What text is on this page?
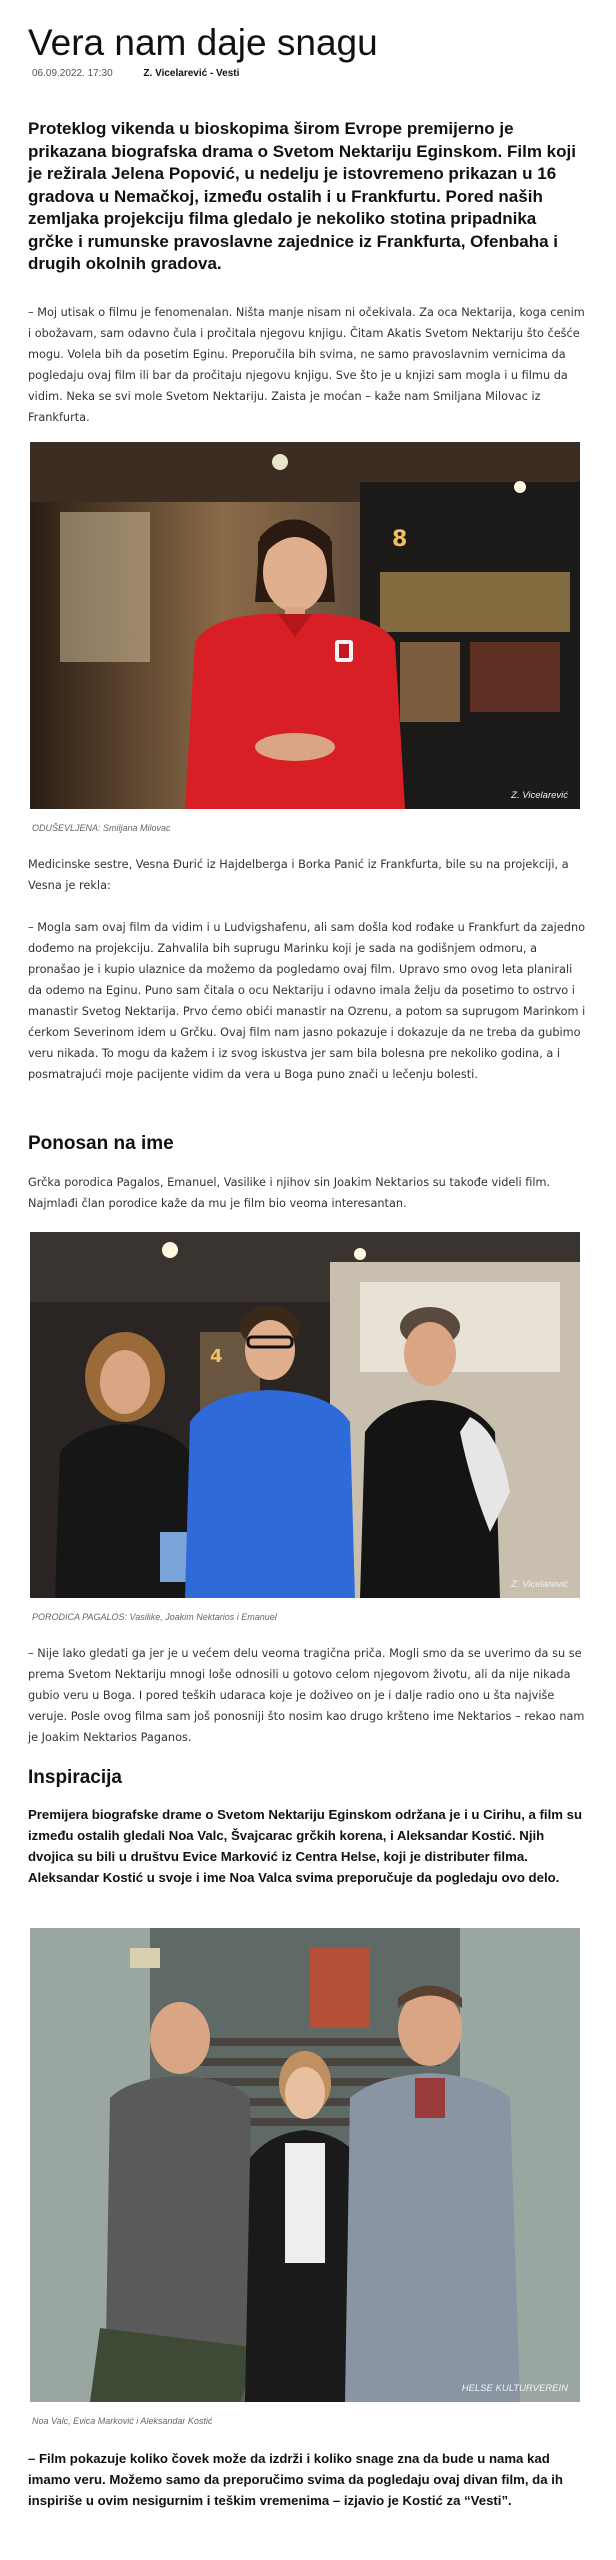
Vera nam daje snagu
06.09.2022. 17:30	Z. Vicelarević - Vesti

Proteklog vikenda u bioskopima širom Evrope premijerno je prikazana biografska drama o Svetom Nektariju Eginskom. Film koji je režirala Jelena Popović, u nedelju je istovremeno prikazan u 16 gradova u Nemačkoj, između ostalih i u Frankfurtu. Pored naših zemljaka projekciju filma gledalo je nekoliko stotina pripadnika grčke i rumunske pravoslavne zajednice iz Frankfurta, Ofenbaha i drugih okolnih gradova.

– Moj utisak o filmu je fenomenalan. Ništa manje nisam ni očekivala. Za oca Nektarija, koga cenim i obožavam, sam odavno čula i pročitala njegovu knjigu. Čitam Akatis Svetom Nektariju što češće mogu. Volela bih da posetim Eginu. Preporučila bih svima, ne samo pravoslavnim vernicima da pogledaju ovaj film ili bar da pročitaju njegovu knjigu. Sve što je u knjizi sam mogla i u filmu da vidim. Neka se svi mole Svetom Nektariju. Zaista je moćan – kaže nam Smiljana Milovac iz Frankfurta.

8
Z. Vicelarević
ODUŠEVLJENA: Smiljana Milovac

Medicinske sestre, Vesna Đurić iz Hajdelberga i Borka Panić iz Frankfurta, bile su na projekciji, a Vesna je rekla:

– Mogla sam ovaj film da vidim i u Ludvigshafenu, ali sam došla kod rođake u Frankfurt da zajedno dođemo na projekciju. Zahvalila bih suprugu Marinku koji je sada na godišnjem odmoru, a pronašao je i kupio ulaznice da možemo da pogledamo ovaj film. Upravo smo ovog leta planirali da odemo na Eginu. Puno sam čitala o ocu Nektariju i odavno imala želju da posetimo to ostrvo i manastir Svetog Nektarija. Prvo ćemo obići manastir na Ozrenu, a potom sa suprugom Marinkom i ćerkom Severinom idem u Grčku. Ovaj film nam jasno pokazuje i dokazuje da ne treba da gubimo veru nikada. To mogu da kažem i iz svog iskustva jer sam bila bolesna pre nekoliko godina, a i posmatrajući moje pacijente vidim da vera u Boga puno znači u lečenju bolesti.

Ponosan na ime

Grčka porodica Pagalos, Emanuel, Vasilike i njihov sin Joakim Nektarios su takođe videli film. Najmlađi član porodice kaže da mu je film bio veoma interesantan.

4
Z. Vicelarević
PORODICA PAGALOS: Vasilike, Joakim Nektarios i Emanuel

– Nije lako gledati ga jer je u većem delu veoma tragična priča. Mogli smo da se uverimo da su se prema Svetom Nektariju mnogi loše odnosili u gotovo celom njegovom životu, ali da nije nikada gubio veru u Boga. I pored teških udaraca koje je doživeo on je i dalje radio ono u šta najviše veruje. Posle ovog filma sam još ponosniji što nosim kao drugo kršteno ime Nektarios – rekao nam je Joakim Nektarios Paganos.

Inspiracija

Premijera biografske drame o Svetom Nektariju Eginskom održana je i u Cirihu, a film su između ostalih gledali Noa Valc, Švajcarac grčkih korena, i Aleksandar Kostić. Njih dvojica su bili u društvu Evice Marković iz Centra Helse, koji je distributer filma. Aleksandar Kostić u svoje i ime Noa Valca svima preporučuje da pogledaju ovo delo.

HELSE KULTURVEREIN
Noa Valc, Evica Marković i Aleksandar Kostić

– Film pokazuje koliko čovek može da izdrži i koliko snage zna da bude u nama kad imamo veru. Možemo samo da preporučimo svima da pogledaju ovaj divan film, da ih inspiriše u ovim nesigurnim i teškim vremenima – izjavio je Kostić za “Vesti”.
